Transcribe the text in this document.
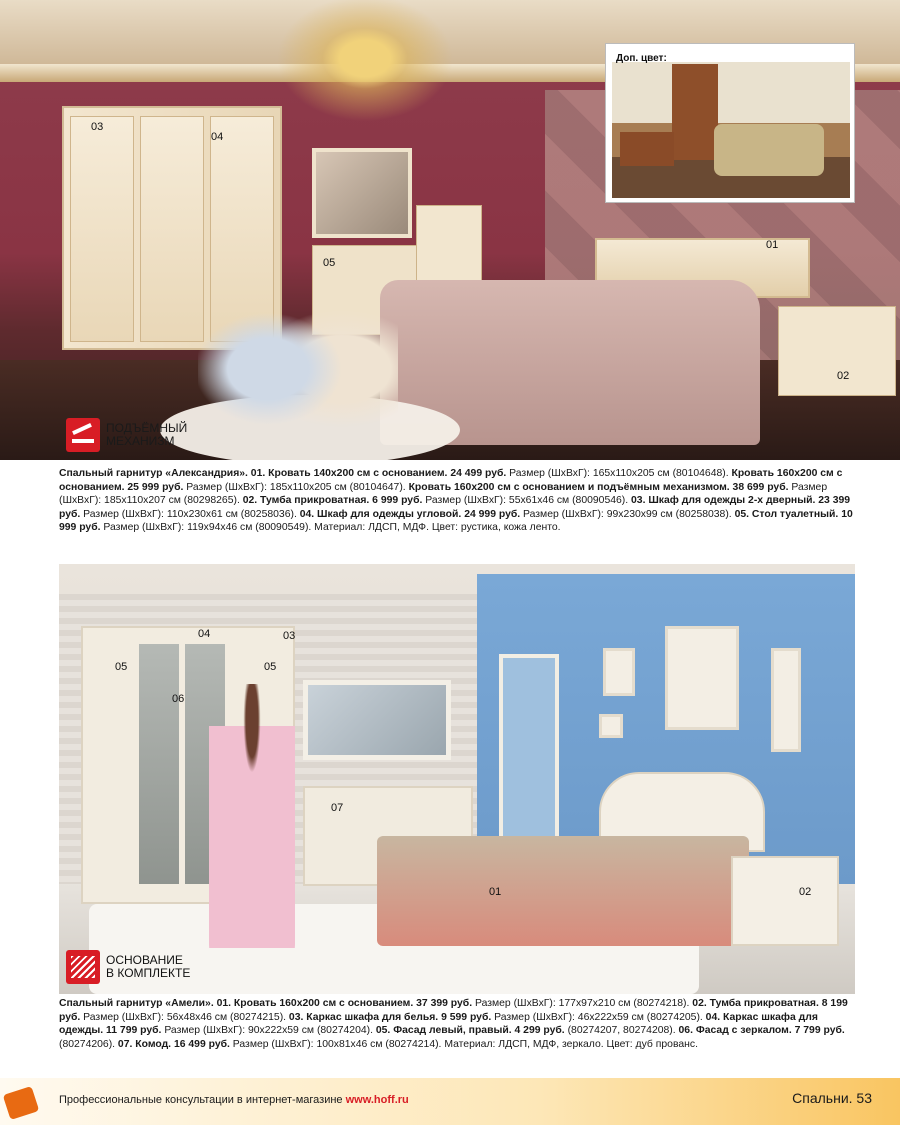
03
04
05
01
02
ПОДЪЁМНЫЙ
МЕХАНИЗМ
Доп. цвет:
Спальный гарнитур «Александрия». 01. Кровать 140х200 см с основанием. 24 499 руб. Размер (ШхВхГ): 165х110х205 см (80104648). Кровать 160х200 см с основанием. 25 999 руб. Размер (ШхВхГ): 185х110х205 см (80104647). Кровать 160х200 см с основанием и подъёмным механизмом. 38 699 руб. Размер (ШхВхГ): 185х110х207 см (80298265). 02. Тумба прикроватная. 6 999 руб. Размер (ШхВхГ): 55х61х46 см (80090546). 03. Шкаф для одежды 2-х дверный. 23 399 руб. Размер (ШхВхГ): 110х230х61 см (80258036). 04. Шкаф для одежды угловой. 24 999 руб. Размер (ШхВхГ): 99х230х99 см (80258038). 05. Стол туалетный. 10 999 руб. Размер (ШхВхГ): 119х94х46 см (80090549). Материал: ЛДСП, МДФ. Цвет: рустика, кожа ленто.
04	03
05	05
06
07
01	02
ОСНОВАНИЕ
В КОМПЛЕКТЕ
Спальный гарнитур «Амели». 01. Кровать 160х200 см с основанием. 37 399 руб. Размер (ШхВхГ): 177х97х210 см (80274218). 02. Тумба прикроватная. 8 199 руб. Размер (ШхВхГ): 56х48х46 см (80274215). 03. Каркас шкафа для белья. 9 599 руб. Размер (ШхВхГ): 46х222х59 см (80274205). 04. Каркас шкафа для одежды. 11 799 руб. Размер (ШхВхГ): 90х222х59 см (80274204). 05. Фасад левый, правый. 4 299 руб. (80274207, 80274208). 06. Фасад с зеркалом. 7 799 руб. (80274206). 07. Комод. 16 499 руб. Размер (ШхВхГ): 100х81х46 см (80274214). Материал: ЛДСП, МДФ, зеркало. Цвет: дуб прованс.
Профессиональные консультации в интернет-магазине www.hoff.ru	Спальни. 53
